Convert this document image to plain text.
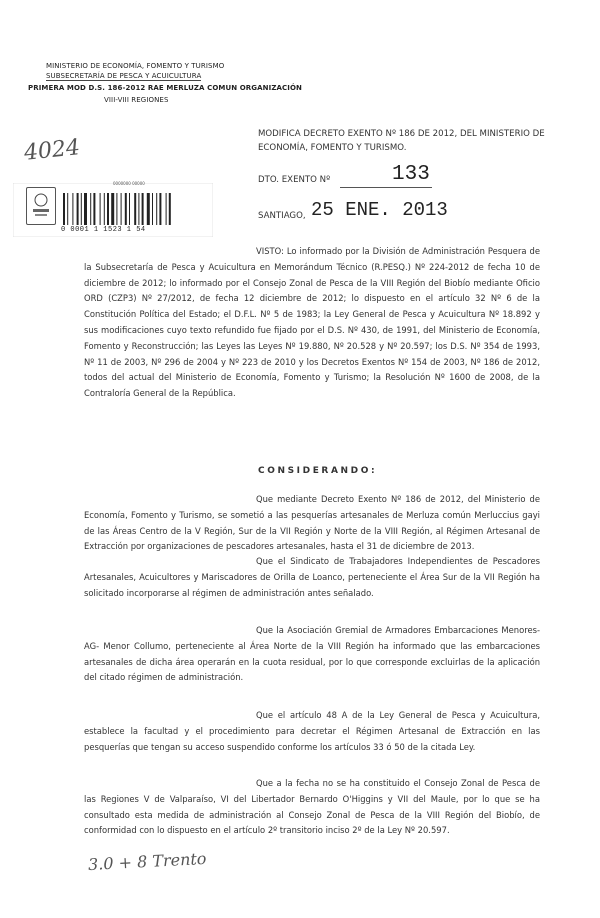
MINISTERIO DE ECONOMÍA, FOMENTO Y TURISMO
SUBSECRETARÍA DE PESCA Y ACUICULTURA
PRIMERA MOD D.S. 186-2012 RAE MERLUZA COMUN ORGANIZACIÓN
VIII-VIII REGIONES
4024
0000000 00000
0 0001 1 1523 1 54
MODIFICA DECRETO EXENTO Nº 186 DE 2012, DEL MINISTERIO DE ECONOMÍA, FOMENTO Y TURISMO.
DTO. EXENTO Nº	133
SANTIAGO, 25 ENE. 2013
VISTO: Lo informado por la División de Administración Pesquera de la Subsecretaría de Pesca y Acuicultura en Memorándum Técnico (R.PESQ.) Nº 224-2012 de fecha 10 de diciembre de 2012; lo informado por el Consejo Zonal de Pesca de la VIII Región del Biobío mediante Oficio ORD (CZP3) Nº 27/2012, de fecha 12 diciembre de 2012; lo dispuesto en el artículo 32 Nº 6 de la Constitución Política del Estado; el D.F.L. Nº 5 de 1983; la Ley General de Pesca y Acuicultura Nº 18.892 y sus modificaciones cuyo texto refundido fue fijado por el D.S. Nº 430, de 1991, del Ministerio de Economía, Fomento y Reconstrucción; las Leyes las Leyes Nº 19.880, Nº 20.528 y Nº 20.597; los D.S. Nº 354 de 1993, Nº 11 de 2003, Nº 296 de 2004 y Nº 223 de 2010 y los Decretos Exentos Nº 154 de 2003, Nº 186 de 2012, todos del actual del Ministerio de Economía, Fomento y Turismo; la Resolución Nº 1600 de 2008, de la Contraloría General de la República.
CONSIDERANDO:
Que mediante Decreto Exento Nº 186 de 2012, del Ministerio de Economía, Fomento y Turismo, se sometió a las pesquerías artesanales de Merluza común Merluccius gayi de las Áreas Centro de la V Región, Sur de la VII Región y Norte de la VIII Región, al Régimen Artesanal de Extracción por organizaciones de pescadores artesanales, hasta el 31 de diciembre de 2013.
Que el Sindicato de Trabajadores Independientes de Pescadores Artesanales, Acuicultores y Mariscadores de Orilla de Loanco, perteneciente el Área Sur de la VII Región ha solicitado incorporarse al régimen de administración antes señalado.
Que la Asociación Gremial de Armadores Embarcaciones Menores-AG- Menor Collumo, perteneciente al Área Norte de la VIII Región ha informado que las embarcaciones artesanales de dicha área operarán en la cuota residual, por lo que corresponde excluirlas de la aplicación del citado régimen de administración.
Que el artículo 48 A de la Ley General de Pesca y Acuicultura, establece la facultad y el procedimiento para decretar el Régimen Artesanal de Extracción en las pesquerías que tengan su acceso suspendido conforme los artículos 33 ó 50 de la citada Ley.
Que a la fecha no se ha constituido el Consejo Zonal de Pesca de las Regiones V de Valparaíso, VI del Libertador Bernardo O'Higgins y VII del Maule, por lo que se ha consultado esta medida de administración al Consejo Zonal de Pesca de la VIII Región del Biobío, de conformidad con lo dispuesto en el artículo 2º transitorio inciso 2º de la Ley Nº 20.597.
3.0 + 8 Trento
